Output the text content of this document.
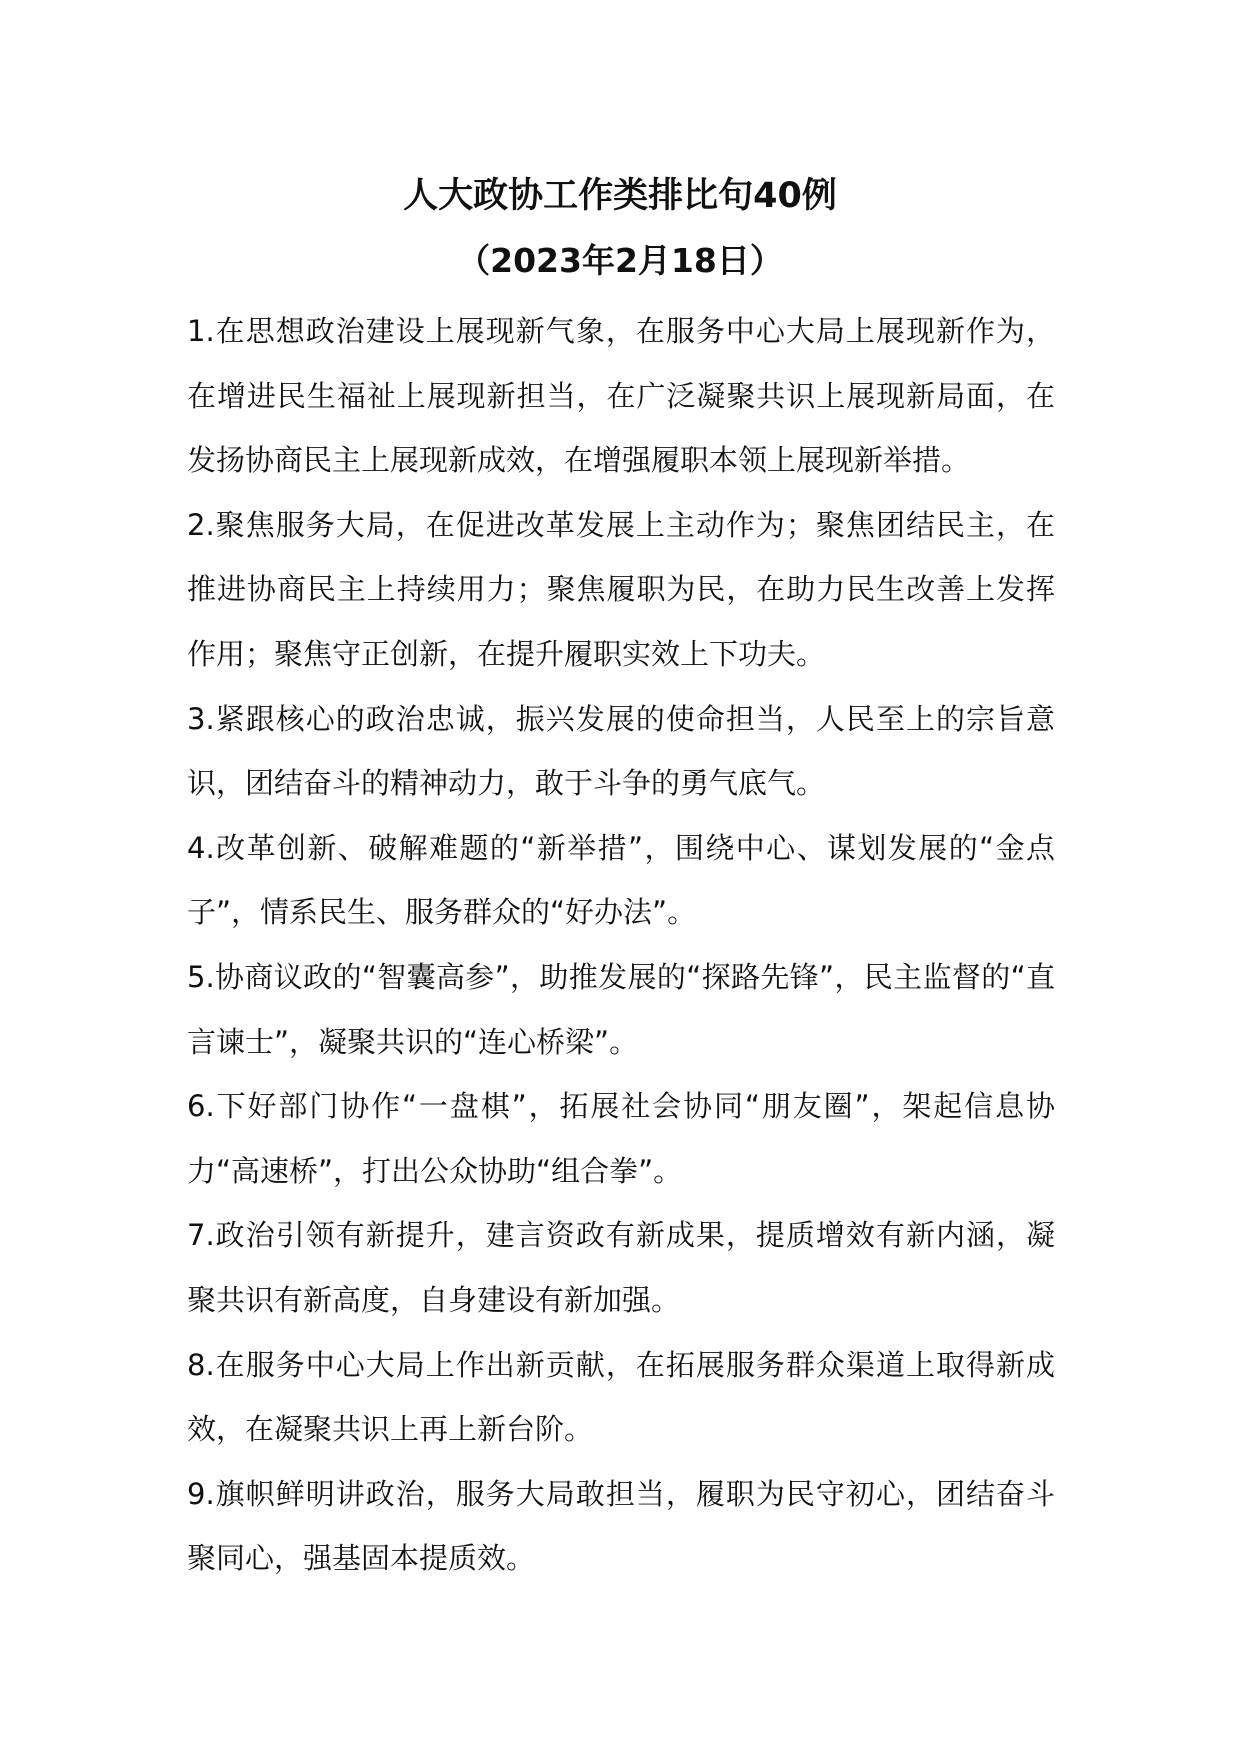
人大政协工作类排比句40例
（2023年2月18日）

1.在思想政治建设上展现新气象，在服务中心大局上展现新作为，在增进民生福祉上展现新担当，在广泛凝聚共识上展现新局面，在发扬协商民主上展现新成效，在增强履职本领上展现新举措。

2.聚焦服务大局，在促进改革发展上主动作为；聚焦团结民主，在推进协商民主上持续用力；聚焦履职为民，在助力民生改善上发挥作用；聚焦守正创新，在提升履职实效上下功夫。

3.紧跟核心的政治忠诚，振兴发展的使命担当，人民至上的宗旨意识，团结奋斗的精神动力，敢于斗争的勇气底气。

4.改革创新、破解难题的“新举措”，围绕中心、谋划发展的“金点子”，情系民生、服务群众的“好办法”。

5.协商议政的“智囊高参”，助推发展的“探路先锋”，民主监督的“直言谏士”，凝聚共识的“连心桥梁”。

6.下好部门协作“一盘棋”，拓展社会协同“朋友圈”，架起信息协力“高速桥”，打出公众协助“组合拳”。

7.政治引领有新提升，建言资政有新成果，提质增效有新内涵，凝聚共识有新高度，自身建设有新加强。

8.在服务中心大局上作出新贡献，在拓展服务群众渠道上取得新成效，在凝聚共识上再上新台阶。

9.旗帜鲜明讲政治，服务大局敢担当，履职为民守初心，团结奋斗聚同心，强基固本提质效。
